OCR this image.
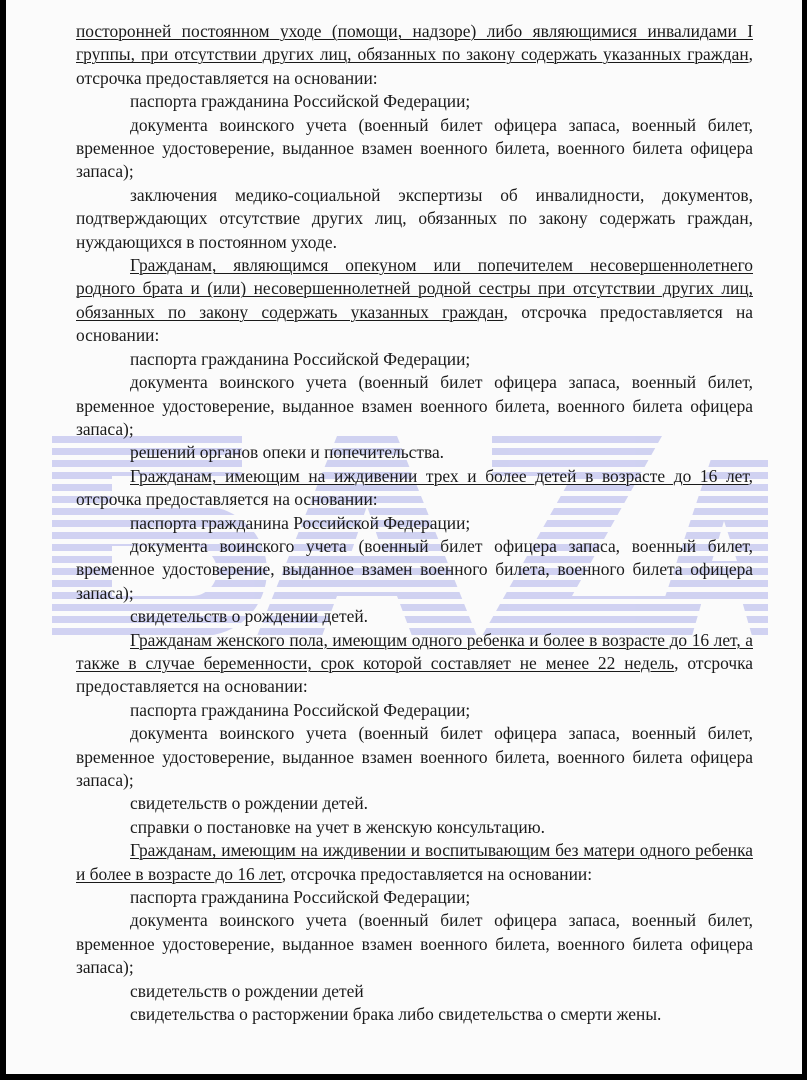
посторонней постоянном уходе (помощи, надзоре) либо являющимися инвалидами I группы, при отсутствии других лиц, обязанных по закону содержать указанных граждан, отсрочка предоставляется на основании:

паспорта гражданина Российской Федерации;

документа воинского учета (военный билет офицера запаса, военный билет, временное удостоверение, выданное взамен военного билета, военного билета офицера запаса);

заключения медико-социальной экспертизы об инвалидности, документов, подтверждающих отсутствие других лиц, обязанных по закону содержать граждан, нуждающихся в постоянном уходе.

Гражданам, являющимся опекуном или попечителем несовершеннолетнего родного брата и (или) несовершеннолетней родной сестры при отсутствии других лиц, обязанных по закону содержать указанных граждан, отсрочка предоставляется на основании:

паспорта гражданина Российской Федерации;

документа воинского учета (военный билет офицера запаса, военный билет, временное удостоверение, выданное взамен военного билета, военного билета офицера запаса);

решений органов опеки и попечительства.

Гражданам, имеющим на иждивении трех и более детей в возрасте до 16 лет, отсрочка предоставляется на основании:

паспорта гражданина Российской Федерации;

документа воинского учета (военный билет офицера запаса, военный билет, временное удостоверение, выданное взамен военного билета, военного билета офицера запаса);

свидетельств о рождении детей.

Гражданам женского пола, имеющим одного ребенка и более в возрасте до 16 лет, а также в случае беременности, срок которой составляет не менее 22 недель, отсрочка предоставляется на основании:

паспорта гражданина Российской Федерации;

документа воинского учета (военный билет офицера запаса, военный билет, временное удостоверение, выданное взамен военного билета, военного билета офицера запаса);

свидетельств о рождении детей.

справки о постановке на учет в женскую консультацию.

Гражданам, имеющим на иждивении и воспитывающим без матери одного ребенка и более в возрасте до 16 лет, отсрочка предоставляется на основании:

паспорта гражданина Российской Федерации;

документа воинского учета (военный билет офицера запаса, военный билет, временное удостоверение, выданное взамен военного билета, военного билета офицера запаса);

свидетельств о рождении детей

свидетельства о расторжении брака либо свидетельства о смерти жены.
